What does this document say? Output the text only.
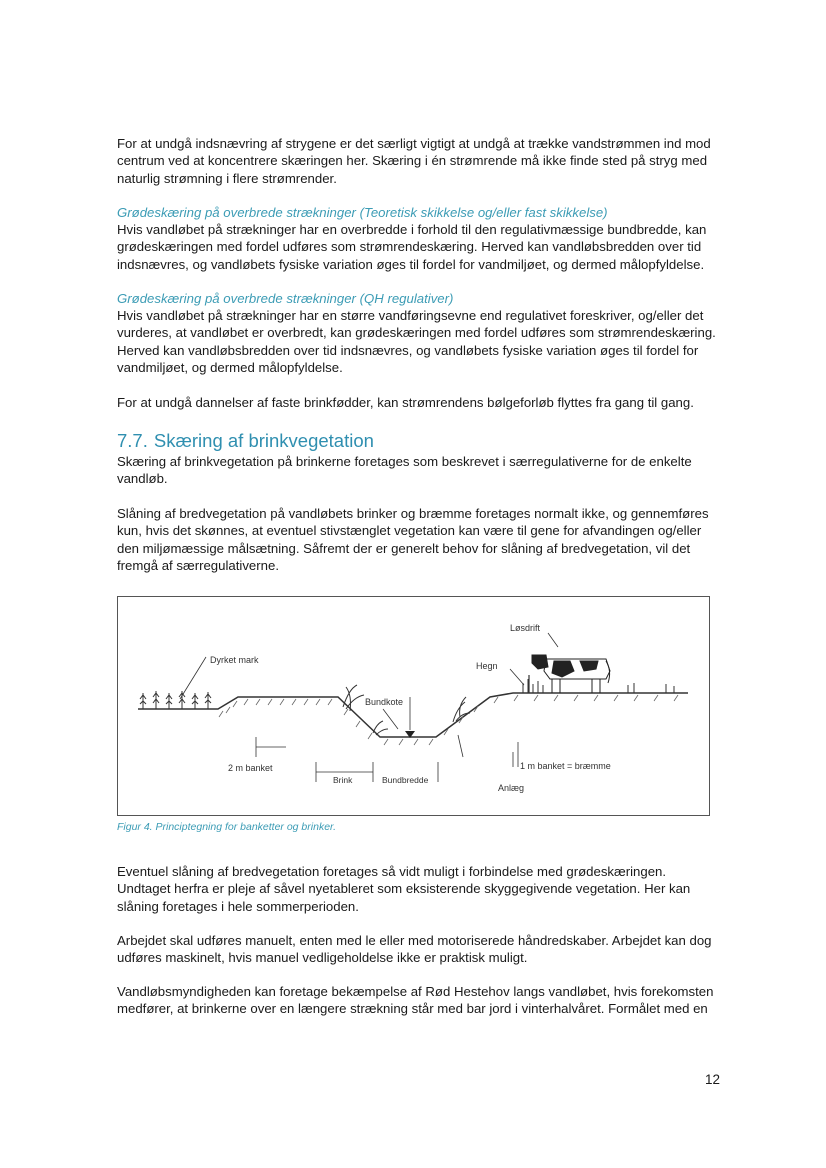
For at undgå indsnævring af strygene er det særligt vigtigt at undgå at trække vandstrømmen ind mod centrum ved at koncentrere skæringen her. Skæring i én strømrende må ikke finde sted på stryg med naturlig strømning i flere strømrender.

Grødeskæring på overbrede strækninger (Teoretisk skikkelse og/eller fast skikkelse)

Hvis vandløbet på strækninger har en overbredde i forhold til den regulativmæssige bundbredde, kan grødeskæringen med fordel udføres som strømrendeskæring. Herved kan vandløbsbredden over tid indsnævres, og vandløbets fysiske variation øges til fordel for vandmiljøet, og dermed målopfyldelse.

Grødeskæring på overbrede strækninger (QH regulativer)

Hvis vandløbet på strækninger har en større vandføringsevne end regulativet foreskriver, og/eller det vurderes, at vandløbet er overbredt, kan grødeskæringen med fordel udføres som strømrendeskæring. Herved kan vandløbsbredden over tid indsnævres, og vandløbets fysiske variation øges til fordel for vandmiljøet, og dermed målopfyldelse.

For at undgå dannelser af faste brinkfødder, kan strømrendens bølgeforløb flyttes fra gang til gang.

7.7. Skæring af brinkvegetation

Skæring af brinkvegetation på brinkerne foretages som beskrevet i særregulativerne for de enkelte vandløb.

Slåning af bredvegetation på vandløbets brinker og bræmme foretages normalt ikke, og gennemføres kun, hvis det skønnes, at eventuel stivstænglet vegetation kan være til gene for afvandingen og/eller den miljømæssige målsætning. Såfremt der er generelt behov for slåning af bredvegetation, vil det fremgå af særregulativerne.

Dyrket mark
Løsdrift
Hegn
Bundkote
2 m banket
Brink	Bundbredde
Anlæg
1 m banket = bræmme

Figur 4. Principtegning for banketter og brinker.

Eventuel slåning af bredvegetation foretages så vidt muligt i forbindelse med grødeskæringen. Undtaget herfra er pleje af såvel nyetableret som eksisterende skyggegivende vegetation. Her kan slåning foretages i hele sommerperioden.

Arbejdet skal udføres manuelt, enten med le eller med motoriserede håndredskaber. Arbejdet kan dog udføres maskinelt, hvis manuel vedligeholdelse ikke er praktisk muligt.

Vandløbsmyndigheden kan foretage bekæmpelse af Rød Hestehov langs vandløbet, hvis forekomsten medfører, at brinkerne over en længere strækning står med bar jord i vinterhalvåret. Formålet med en

12
